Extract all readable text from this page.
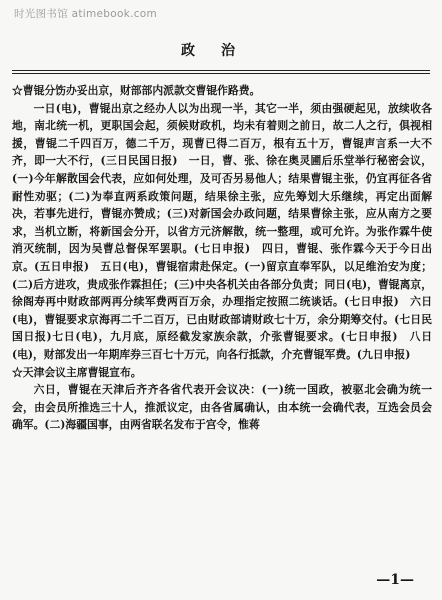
时光图书馆 atimebook.com
政治
☆曹锟分饬办妥出京，财部部内派款交曹锟作路费。
一日(电)，曹锟出京之经办人以为出现一半，其它一半，须由强硬起见，放续收各地，南北统一机，更职国会起，须候财政机，均未有着则之前日，故二人之行，俱视相援，曹锟二千四百万，德二千万，现曹已得二百万，根有五十万，曹锟声言系一大不齐，即一大不行，(三日民国日报)　一日，曹、张、徐在奥灵圃后乐堂举行秘密会议，(一)今年解散国会代表，应如何处理，及可否另易他人；结果曹锟主张，仍宜再征各省耐性劝驱；(二)为奉直两系政策问题，结果徐主张，应先筹划大乐继续，再定出面解决，若事先进行，曹锟亦赞成；(三)对新国会办政问题，结果曹徐主张，应从南方之要求，当机立断，将新国会分开，以省方元济解散，统一整理，或可允许。为张作霖牛使消灭统制，因为吴曹总督保军罢职。(七日申报)　四日，曹锟、张作霖今天于今日出京。(五日申报)　五日(电)，曹锟宿肃赴保定。(一)留京直奉军队，以足维治安为度；(二)后方进攻，贵成张作霖担任；(三)中央各机关由各部分负责；同日(电)，曹锟离京，徐阁寿再中财政部两再分续军费两百万余，办理指定按照二统谈话。(七日申报)　六日(电)，曹锟要求京海再二千二百万，已由财政部请财政七十万，余分期筹交付。(七日民国日报)七日(电)，九月底，原经截发家族余款，介张曹锟要求。(七日申报)　八日(电)，财部发出一年期库券三百七十万元，向各行抵款，介充曹锟军费。(九日申报)
☆天津会议主席曹锟宣布。
六日，曹锟在天津后齐齐各省代表开会议决：(一)统一国政，被驱北会确为统一会，由会员所推选三十人，推派议定，由各省属确认，由本统一会确代表，互选会员会确军。(二)海疆国事，由两省联名发布于宫令，惟蒋
—1—
